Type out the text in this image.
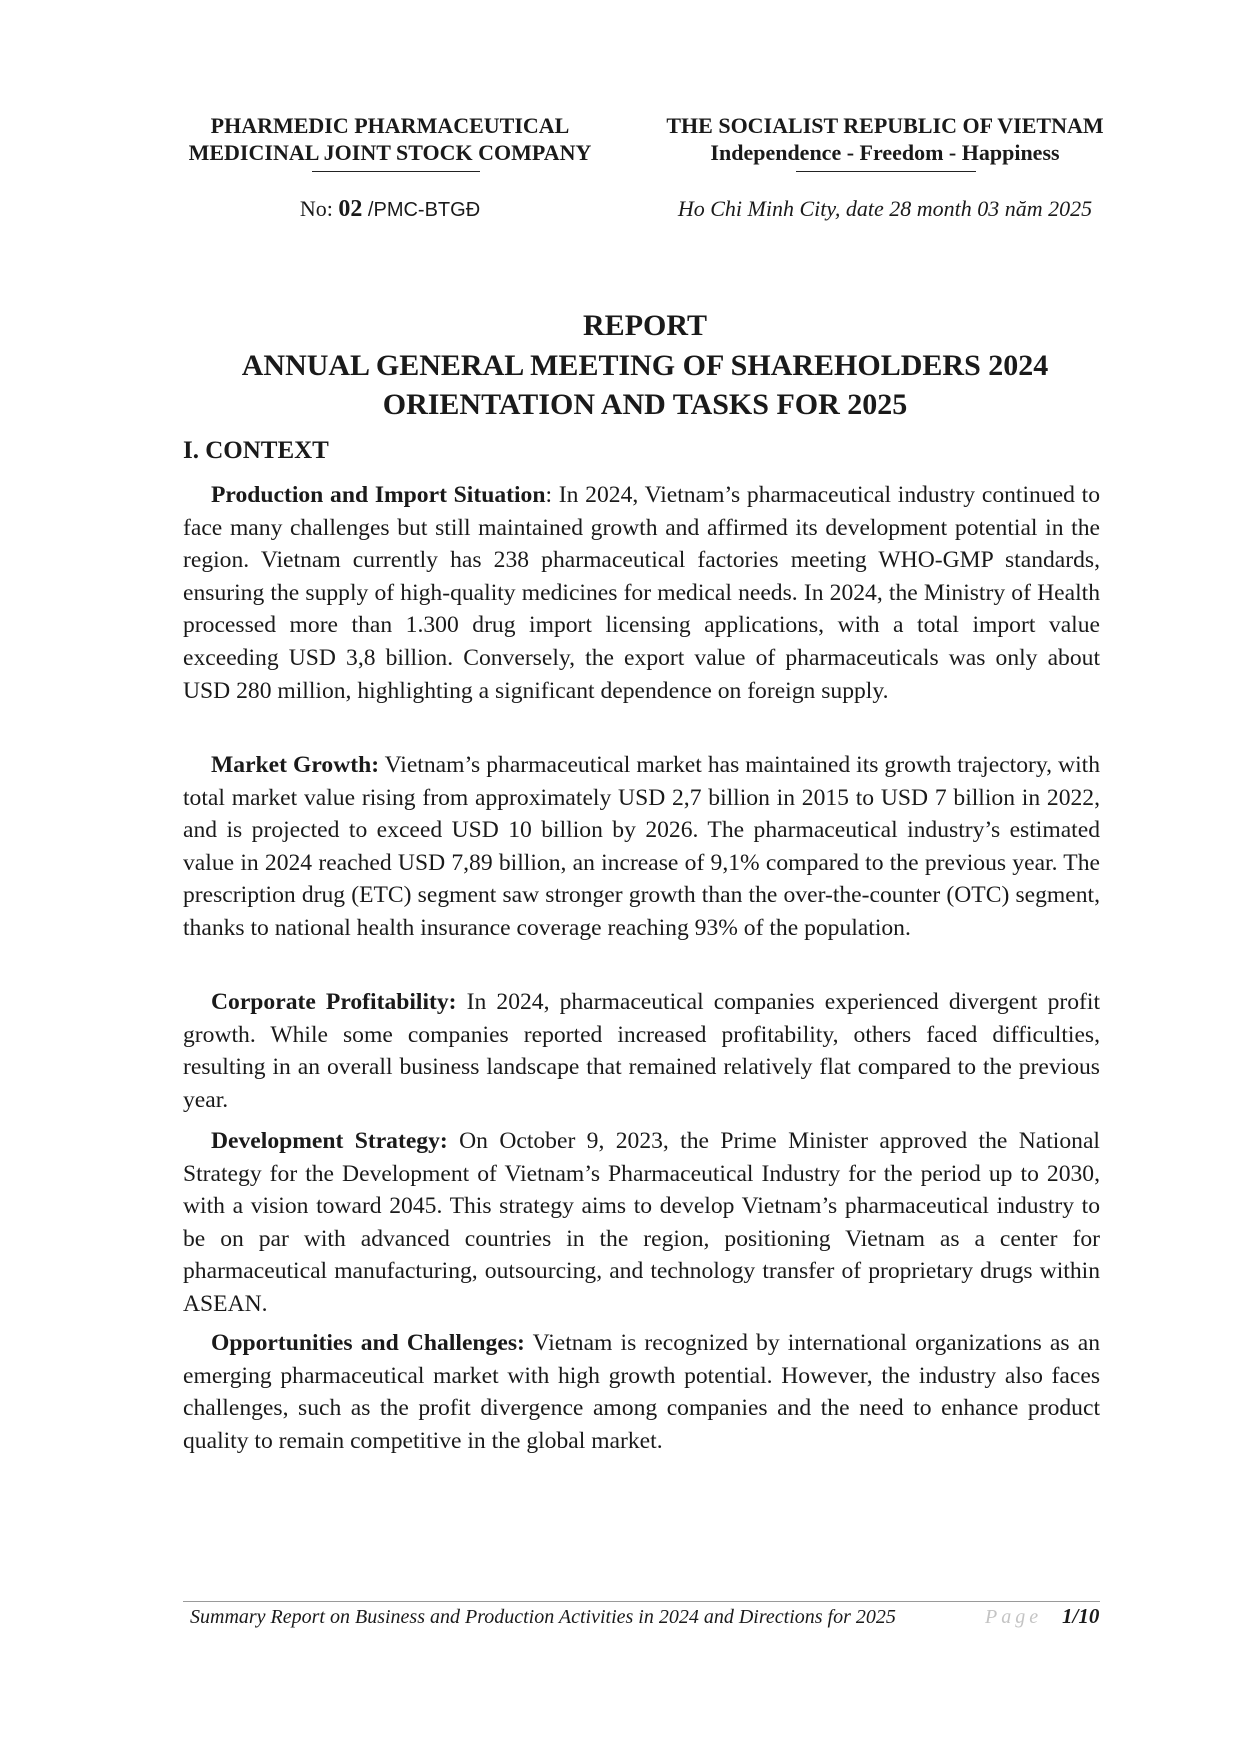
PHARMEDIC PHARMACEUTICAL
MEDICINAL JOINT STOCK COMPANY
THE SOCIALIST REPUBLIC OF VIETNAM
Independence - Freedom - Happiness
No: 02 /PMC-BTGĐ	Ho Chi Minh City, date 28 month 03 năm 2025
REPORT
ANNUAL GENERAL MEETING OF SHAREHOLDERS 2024
ORIENTATION AND TASKS FOR 2025
I. CONTEXT
Production and Import Situation: In 2024, Vietnam’s pharmaceutical industry continued to face many challenges but still maintained growth and affirmed its development potential in the region. Vietnam currently has 238 pharmaceutical factories meeting WHO-GMP standards, ensuring the supply of high-quality medicines for medical needs. In 2024, the Ministry of Health processed more than 1.300 drug import licensing applications, with a total import value exceeding USD 3,8 billion. Conversely, the export value of pharmaceuticals was only about USD 280 million, highlighting a significant dependence on foreign supply.
Market Growth: Vietnam’s pharmaceutical market has maintained its growth trajectory, with total market value rising from approximately USD 2,7 billion in 2015 to USD 7 billion in 2022, and is projected to exceed USD 10 billion by 2026. The pharmaceutical industry’s estimated value in 2024 reached USD 7,89 billion, an increase of 9,1% compared to the previous year. The prescription drug (ETC) segment saw stronger growth than the over-the-counter (OTC) segment, thanks to national health insurance coverage reaching 93% of the population.
Corporate Profitability: In 2024, pharmaceutical companies experienced divergent profit growth. While some companies reported increased profitability, others faced difficulties, resulting in an overall business landscape that remained relatively flat compared to the previous year.
Development Strategy: On October 9, 2023, the Prime Minister approved the National Strategy for the Development of Vietnam’s Pharmaceutical Industry for the period up to 2030, with a vision toward 2045. This strategy aims to develop Vietnam’s pharmaceutical industry to be on par with advanced countries in the region, positioning Vietnam as a center for pharmaceutical manufacturing, outsourcing, and technology transfer of proprietary drugs within ASEAN.
Opportunities and Challenges: Vietnam is recognized by international organizations as an emerging pharmaceutical market with high growth potential. However, the industry also faces challenges, such as the profit divergence among companies and the need to enhance product quality to remain competitive in the global market.
Summary Report on Business and Production Activities in 2024 and Directions for 2025	Page 1/10
